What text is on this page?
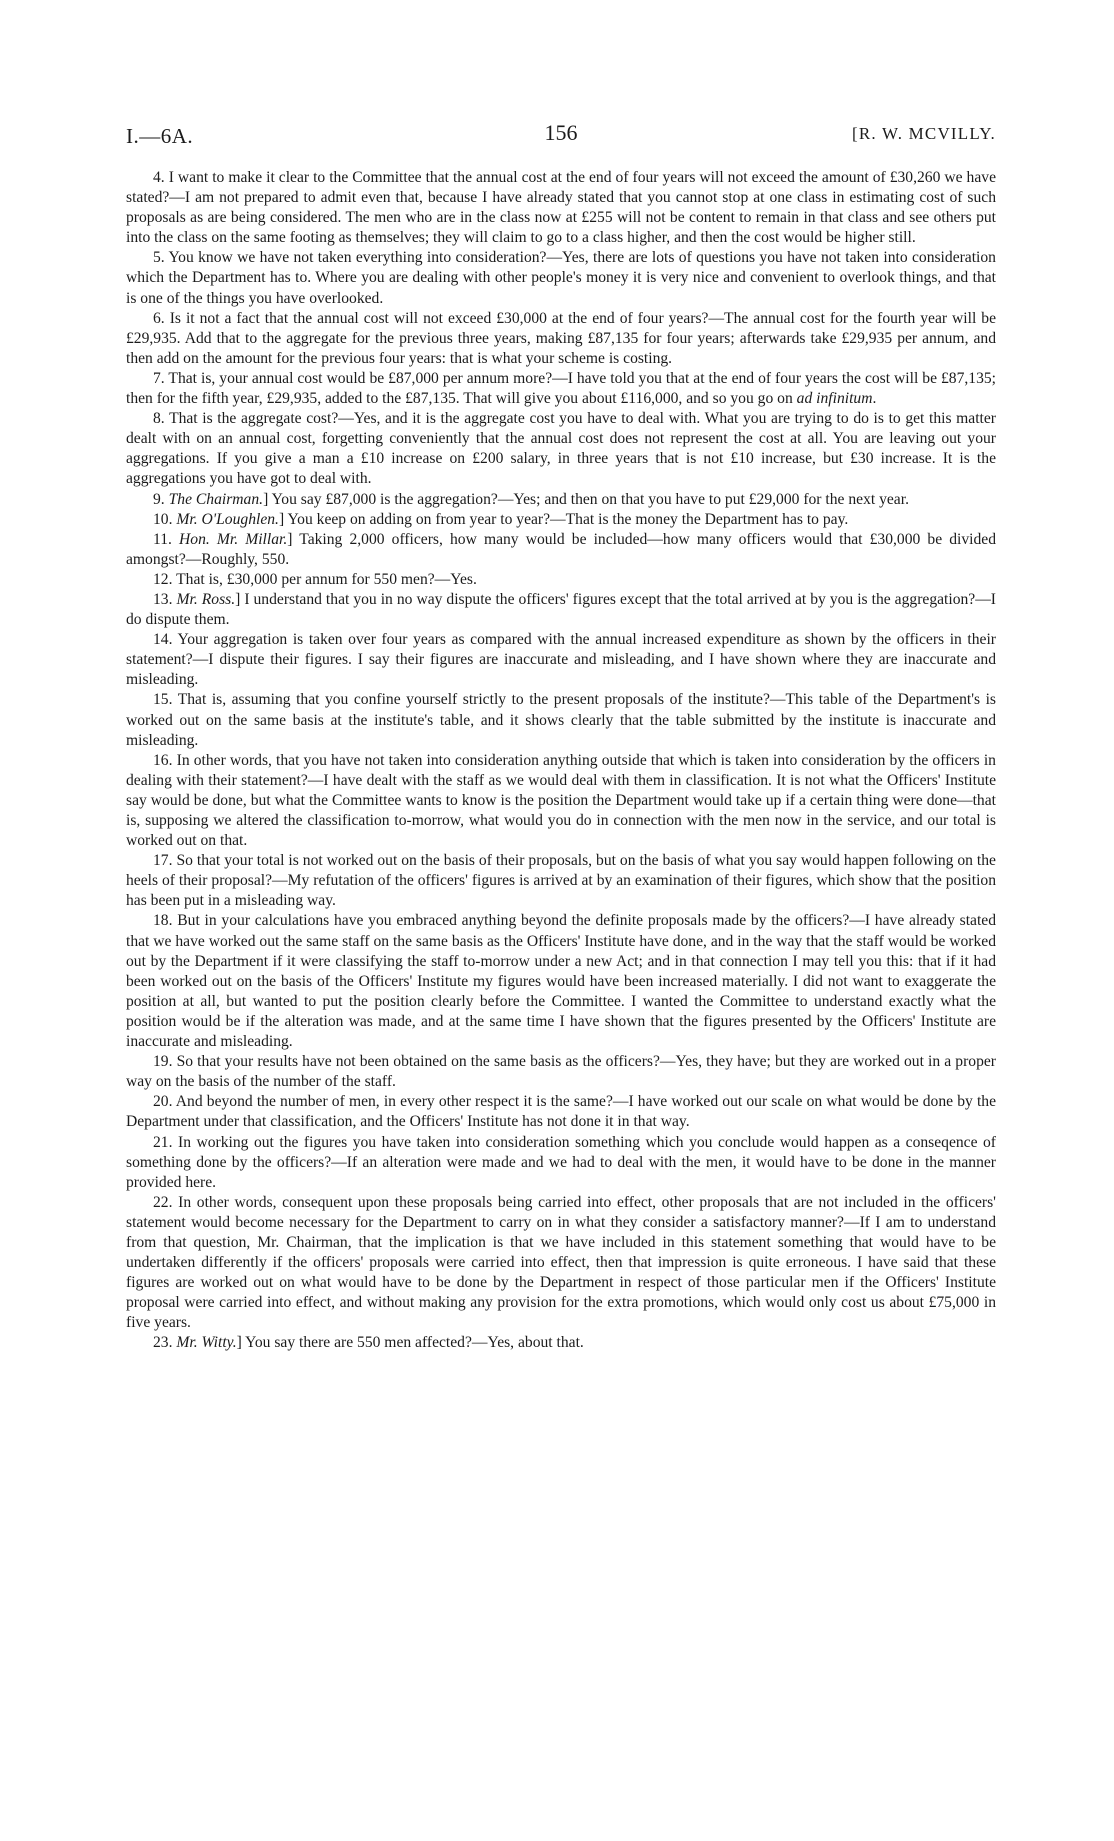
I.—6A.	156	[R. W. MCVILLY.

4. I want to make it clear to the Committee that the annual cost at the end of four years will not exceed the amount of £30,260 we have stated?—I am not prepared to admit even that, because I have already stated that you cannot stop at one class in estimating cost of such proposals as are being considered. The men who are in the class now at £255 will not be content to remain in that class and see others put into the class on the same footing as themselves; they will claim to go to a class higher, and then the cost would be higher still.

5. You know we have not taken everything into consideration?—Yes, there are lots of questions you have not taken into consideration which the Department has to. Where you are dealing with other people's money it is very nice and convenient to overlook things, and that is one of the things you have overlooked.

6. Is it not a fact that the annual cost will not exceed £30,000 at the end of four years?—The annual cost for the fourth year will be £29,935. Add that to the aggregate for the previous three years, making £87,135 for four years; afterwards take £29,935 per annum, and then add on the amount for the previous four years: that is what your scheme is costing.

7. That is, your annual cost would be £87,000 per annum more?—I have told you that at the end of four years the cost will be £87,135; then for the fifth year, £29,935, added to the £87,135. That will give you about £116,000, and so you go on ad infinitum.

8. That is the aggregate cost?—Yes, and it is the aggregate cost you have to deal with. What you are trying to do is to get this matter dealt with on an annual cost, forgetting conveniently that the annual cost does not represent the cost at all. You are leaving out your aggregations. If you give a man a £10 increase on £200 salary, in three years that is not £10 increase, but £30 increase. It is the aggregations you have got to deal with.

9. The Chairman.] You say £87,000 is the aggregation?—Yes; and then on that you have to put £29,000 for the next year.

10. Mr. O'Loughlen.] You keep on adding on from year to year?—That is the money the Department has to pay.

11. Hon. Mr. Millar.] Taking 2,000 officers, how many would be included—how many officers would that £30,000 be divided amongst?—Roughly, 550.

12. That is, £30,000 per annum for 550 men?—Yes.

13. Mr. Ross.] I understand that you in no way dispute the officers' figures except that the total arrived at by you is the aggregation?—I do dispute them.

14. Your aggregation is taken over four years as compared with the annual increased expenditure as shown by the officers in their statement?—I dispute their figures. I say their figures are inaccurate and misleading, and I have shown where they are inaccurate and misleading.

15. That is, assuming that you confine yourself strictly to the present proposals of the institute?—This table of the Department's is worked out on the same basis at the institute's table, and it shows clearly that the table submitted by the institute is inaccurate and misleading.

16. In other words, that you have not taken into consideration anything outside that which is taken into consideration by the officers in dealing with their statement?—I have dealt with the staff as we would deal with them in classification. It is not what the Officers' Institute say would be done, but what the Committee wants to know is the position the Department would take up if a certain thing were done—that is, supposing we altered the classification to-morrow, what would you do in connection with the men now in the service, and our total is worked out on that.

17. So that your total is not worked out on the basis of their proposals, but on the basis of what you say would happen following on the heels of their proposal?—My refutation of the officers' figures is arrived at by an examination of their figures, which show that the position has been put in a misleading way.

18. But in your calculations have you embraced anything beyond the definite proposals made by the officers?—I have already stated that we have worked out the same staff on the same basis as the Officers' Institute have done, and in the way that the staff would be worked out by the Department if it were classifying the staff to-morrow under a new Act; and in that connection I may tell you this: that if it had been worked out on the basis of the Officers' Institute my figures would have been increased materially. I did not want to exaggerate the position at all, but wanted to put the position clearly before the Committee. I wanted the Committee to understand exactly what the position would be if the alteration was made, and at the same time I have shown that the figures presented by the Officers' Institute are inaccurate and misleading.

19. So that your results have not been obtained on the same basis as the officers?—Yes, they have; but they are worked out in a proper way on the basis of the number of the staff.

20. And beyond the number of men, in every other respect it is the same?—I have worked out our scale on what would be done by the Department under that classification, and the Officers' Institute has not done it in that way.

21. In working out the figures you have taken into consideration something which you conclude would happen as a conseqence of something done by the officers?—If an alteration were made and we had to deal with the men, it would have to be done in the manner provided here.

22. In other words, consequent upon these proposals being carried into effect, other proposals that are not included in the officers' statement would become necessary for the Department to carry on in what they consider a satisfactory manner?—If I am to understand from that question, Mr. Chairman, that the implication is that we have included in this statement something that would have to be undertaken differently if the officers' proposals were carried into effect, then that impression is quite erroneous. I have said that these figures are worked out on what would have to be done by the Department in respect of those particular men if the Officers' Institute proposal were carried into effect, and without making any provision for the extra promotions, which would only cost us about £75,000 in five years.

23. Mr. Witty.] You say there are 550 men affected?—Yes, about that.
